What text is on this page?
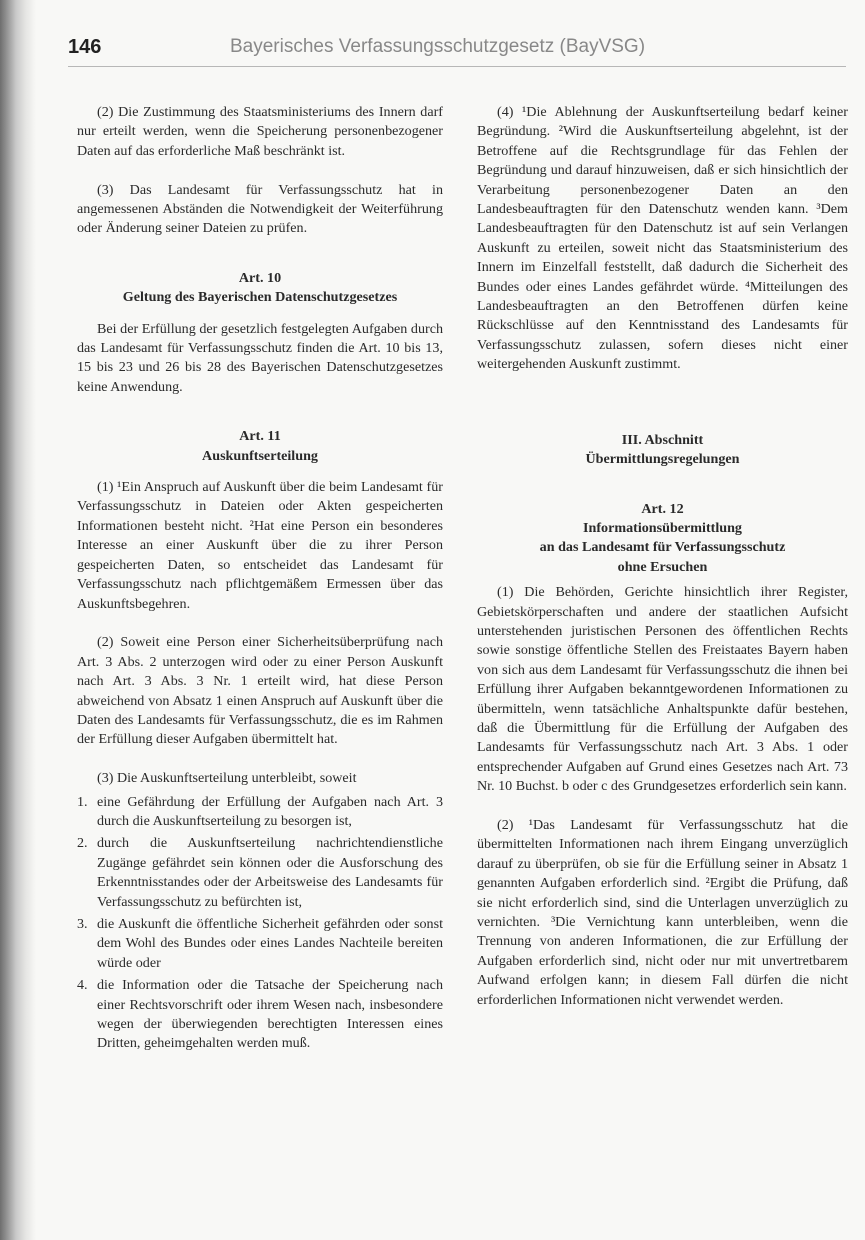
146	Bayerisches Verfassungsschutzgesetz (BayVSG)

(2) Die Zustimmung des Staatsministeriums des Innern darf nur erteilt werden, wenn die Speicherung personenbezogener Daten auf das erforderliche Maß beschränkt ist.

(3) Das Landesamt für Verfassungsschutz hat in angemessenen Abständen die Notwendigkeit der Weiterführung oder Änderung seiner Dateien zu prüfen.

Art. 10

Geltung des Bayerischen Datenschutzgesetzes

Bei der Erfüllung der gesetzlich festgelegten Aufgaben durch das Landesamt für Verfassungsschutz finden die Art. 10 bis 13, 15 bis 23 und 26 bis 28 des Bayerischen Datenschutzgesetzes keine Anwendung.

Art. 11

Auskunftserteilung

(1) ¹Ein Anspruch auf Auskunft über die beim Landesamt für Verfassungsschutz in Dateien oder Akten gespeicherten Informationen besteht nicht. ²Hat eine Person ein besonderes Interesse an einer Auskunft über die zu ihrer Person gespeicherten Daten, so entscheidet das Landesamt für Verfassungsschutz nach pflichtgemäßem Ermessen über das Auskunftsbegehren.

(2) Soweit eine Person einer Sicherheitsüberprüfung nach Art. 3 Abs. 2 unterzogen wird oder zu einer Person Auskunft nach Art. 3 Abs. 3 Nr. 1 erteilt wird, hat diese Person abweichend von Absatz 1 einen Anspruch auf Auskunft über die Daten des Landesamts für Verfassungsschutz, die es im Rahmen der Erfüllung dieser Aufgaben übermittelt hat.

(3) Die Auskunftserteilung unterbleibt, soweit

1. eine Gefährdung der Erfüllung der Aufgaben nach Art. 3 durch die Auskunftserteilung zu besorgen ist,
2. durch die Auskunftserteilung nachrichtendienstliche Zugänge gefährdet sein können oder die Ausforschung des Erkenntnisstandes oder der Arbeitsweise des Landesamts für Verfassungsschutz zu befürchten ist,
3. die Auskunft die öffentliche Sicherheit gefährden oder sonst dem Wohl des Bundes oder eines Landes Nachteile bereiten würde oder
4. die Information oder die Tatsache der Speicherung nach einer Rechtsvorschrift oder ihrem Wesen nach, insbesondere wegen der überwiegenden berechtigten Interessen eines Dritten, geheimgehalten werden muß.

(4) ¹Die Ablehnung der Auskunftserteilung bedarf keiner Begründung. ²Wird die Auskunftserteilung abgelehnt, ist der Betroffene auf die Rechtsgrundlage für das Fehlen der Begründung und darauf hinzuweisen, daß er sich hinsichtlich der Verarbeitung personenbezogener Daten an den Landesbeauftragten für den Datenschutz wenden kann. ³Dem Landesbeauftragten für den Datenschutz ist auf sein Verlangen Auskunft zu erteilen, soweit nicht das Staatsministerium des Innern im Einzelfall feststellt, daß dadurch die Sicherheit des Bundes oder eines Landes gefährdet würde. ⁴Mitteilungen des Landesbeauftragten an den Betroffenen dürfen keine Rückschlüsse auf den Kenntnisstand des Landesamts für Verfassungsschutz zulassen, sofern dieses nicht einer weitergehenden Auskunft zustimmt.

III. Abschnitt

Übermittlungsregelungen

Art. 12

Informationsübermittlung

an das Landesamt für Verfassungsschutz

ohne Ersuchen

(1) Die Behörden, Gerichte hinsichtlich ihrer Register, Gebietskörperschaften und andere der staatlichen Aufsicht unterstehenden juristischen Personen des öffentlichen Rechts sowie sonstige öffentliche Stellen des Freistaates Bayern haben von sich aus dem Landesamt für Verfassungsschutz die ihnen bei Erfüllung ihrer Aufgaben bekanntgewordenen Informationen zu übermitteln, wenn tatsächliche Anhaltspunkte dafür bestehen, daß die Übermittlung für die Erfüllung der Aufgaben des Landesamts für Verfassungsschutz nach Art. 3 Abs. 1 oder entsprechender Aufgaben auf Grund eines Gesetzes nach Art. 73 Nr. 10 Buchst. b oder c des Grundgesetzes erforderlich sein kann.

(2) ¹Das Landesamt für Verfassungsschutz hat die übermittelten Informationen nach ihrem Eingang unverzüglich darauf zu überprüfen, ob sie für die Erfüllung seiner in Absatz 1 genannten Aufgaben erforderlich sind. ²Ergibt die Prüfung, daß sie nicht erforderlich sind, sind die Unterlagen unverzüglich zu vernichten. ³Die Vernichtung kann unterbleiben, wenn die Trennung von anderen Informationen, die zur Erfüllung der Aufgaben erforderlich sind, nicht oder nur mit unvertretbarem Aufwand erfolgen kann; in diesem Fall dürfen die nicht erforderlichen Informationen nicht verwendet werden.
